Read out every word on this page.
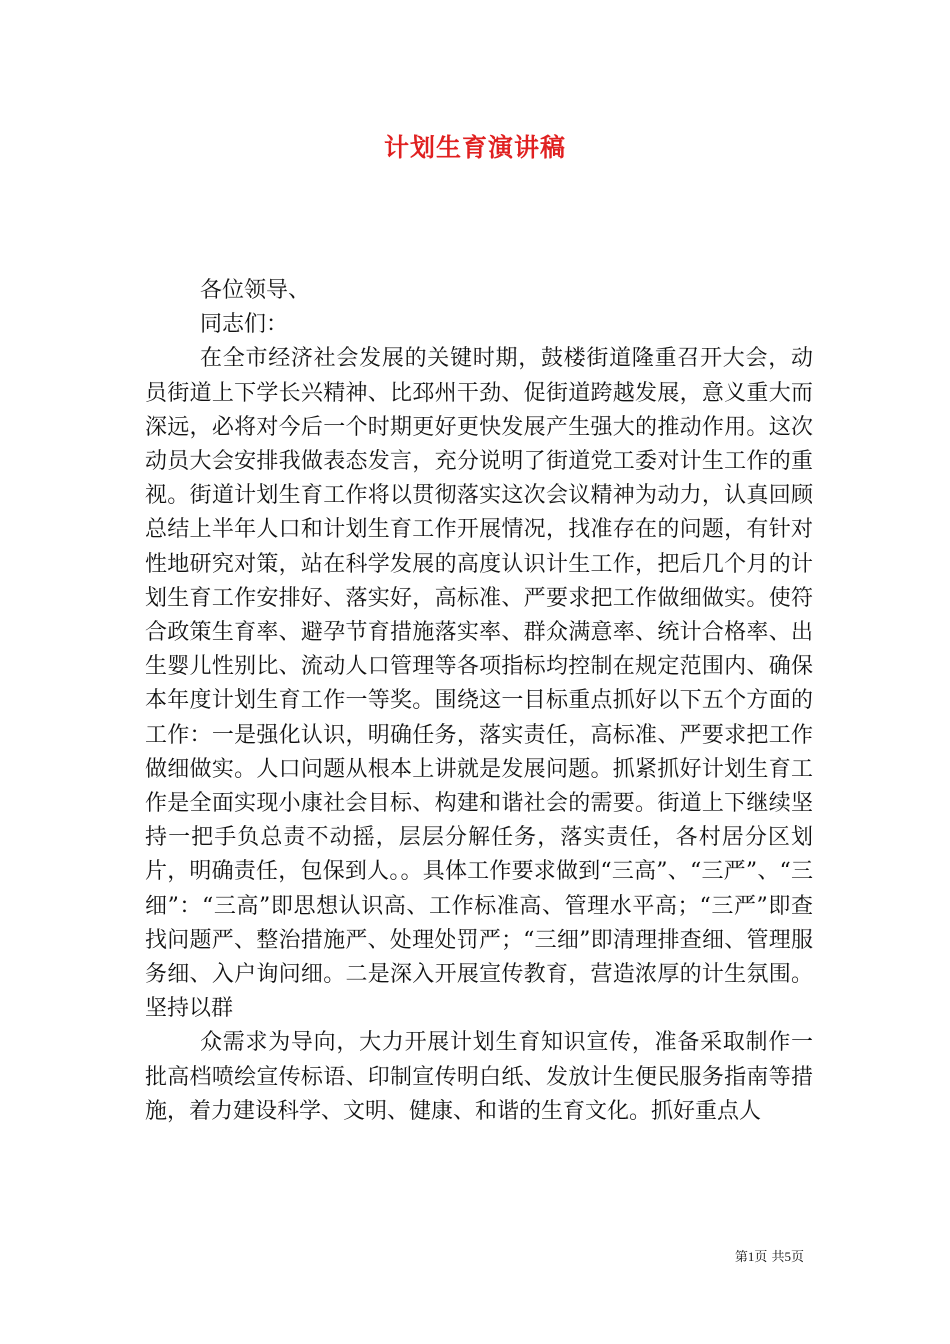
计划生育演讲稿

各位领导、

同志们：

在全市经济社会发展的关键时期，鼓楼街道隆重召开大会，动员街道上下学长兴精神、比邳州干劲、促街道跨越发展，意义重大而深远，必将对今后一个时期更好更快发展产生强大的推动作用。这次动员大会安排我做表态发言，充分说明了街道党工委对计生工作的重视。街道计划生育工作将以贯彻落实这次会议精神为动力，认真回顾总结上半年人口和计划生育工作开展情况，找准存在的问题，有针对性地研究对策，站在科学发展的高度认识计生工作，把后几个月的计划生育工作安排好、落实好，高标准、严要求把工作做细做实。使符合政策生育率、避孕节育措施落实率、群众满意率、统计合格率、出生婴儿性别比、流动人口管理等各项指标均控制在规定范围内、确保本年度计划生育工作一等奖。围绕这一目标重点抓好以下五个方面的工作：一是强化认识，明确任务，落实责任，高标准、严要求把工作做细做实。人口问题从根本上讲就是发展问题。抓紧抓好计划生育工作是全面实现小康社会目标、构建和谐社会的需要。街道上下继续坚持一把手负总责不动摇，层层分解任务，落实责任，各村居分区划片，明确责任，包保到人。。具体工作要求做到“三高”、“三严”、“三细”：“三高”即思想认识高、工作标准高、管理水平高；“三严”即查找问题严、整治措施严、处理处罚严；“三细”即清理排查细、管理服务细、入户询问细。二是深入开展宣传教育，营造浓厚的计生氛围。坚持以群

众需求为导向，大力开展计划生育知识宣传，准备采取制作一批高档喷绘宣传标语、印制宣传明白纸、发放计生便民服务指南等措施，着力建设科学、文明、健康、和谐的生育文化。抓好重点人

第1页 共5页
